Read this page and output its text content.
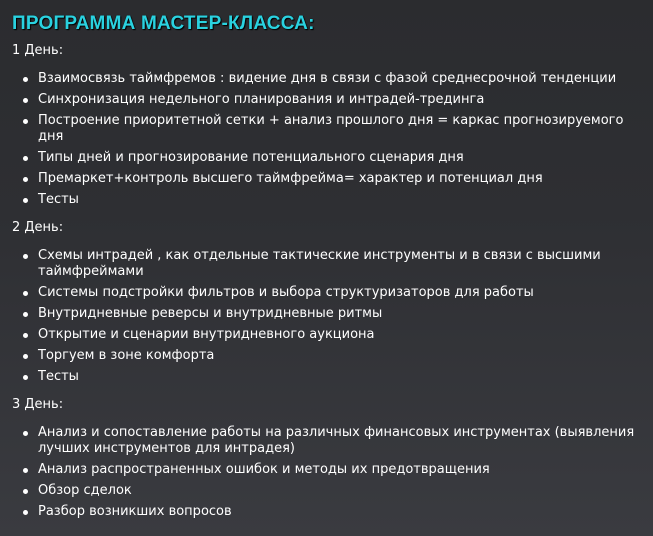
ПРОГРАММА МАСТЕР-КЛАССА:
1 День:
Взаимосвязь таймфремов : видение дня в связи с фазой среднесрочной тенденции
Синхронизация недельного планирования и интрадей-трединга
Построение приоритетной сетки + анализ прошлого дня = каркас прогнозируемого дня
Типы дней и прогнозирование потенциального сценария дня
Премаркет+контроль высшего таймфрейма= характер и потенциал дня
Тесты
2 День:
Схемы интрадей , как отдельные тактические инструменты и в связи с высшими таймфреймами
Системы подстройки фильтров и выбора структуризаторов для работы
Внутридневные реверсы и внутридневные ритмы
Открытие и сценарии внутридневного аукциона
Торгуем в зоне комфорта
Тесты
3 День:
Анализ и сопоставление работы на различных финансовых инструментах (выявления лучших инструментов для интрадея)
Анализ распространенных ошибок и методы их предотвращения
Обзор сделок
Разбор возникших вопросов
